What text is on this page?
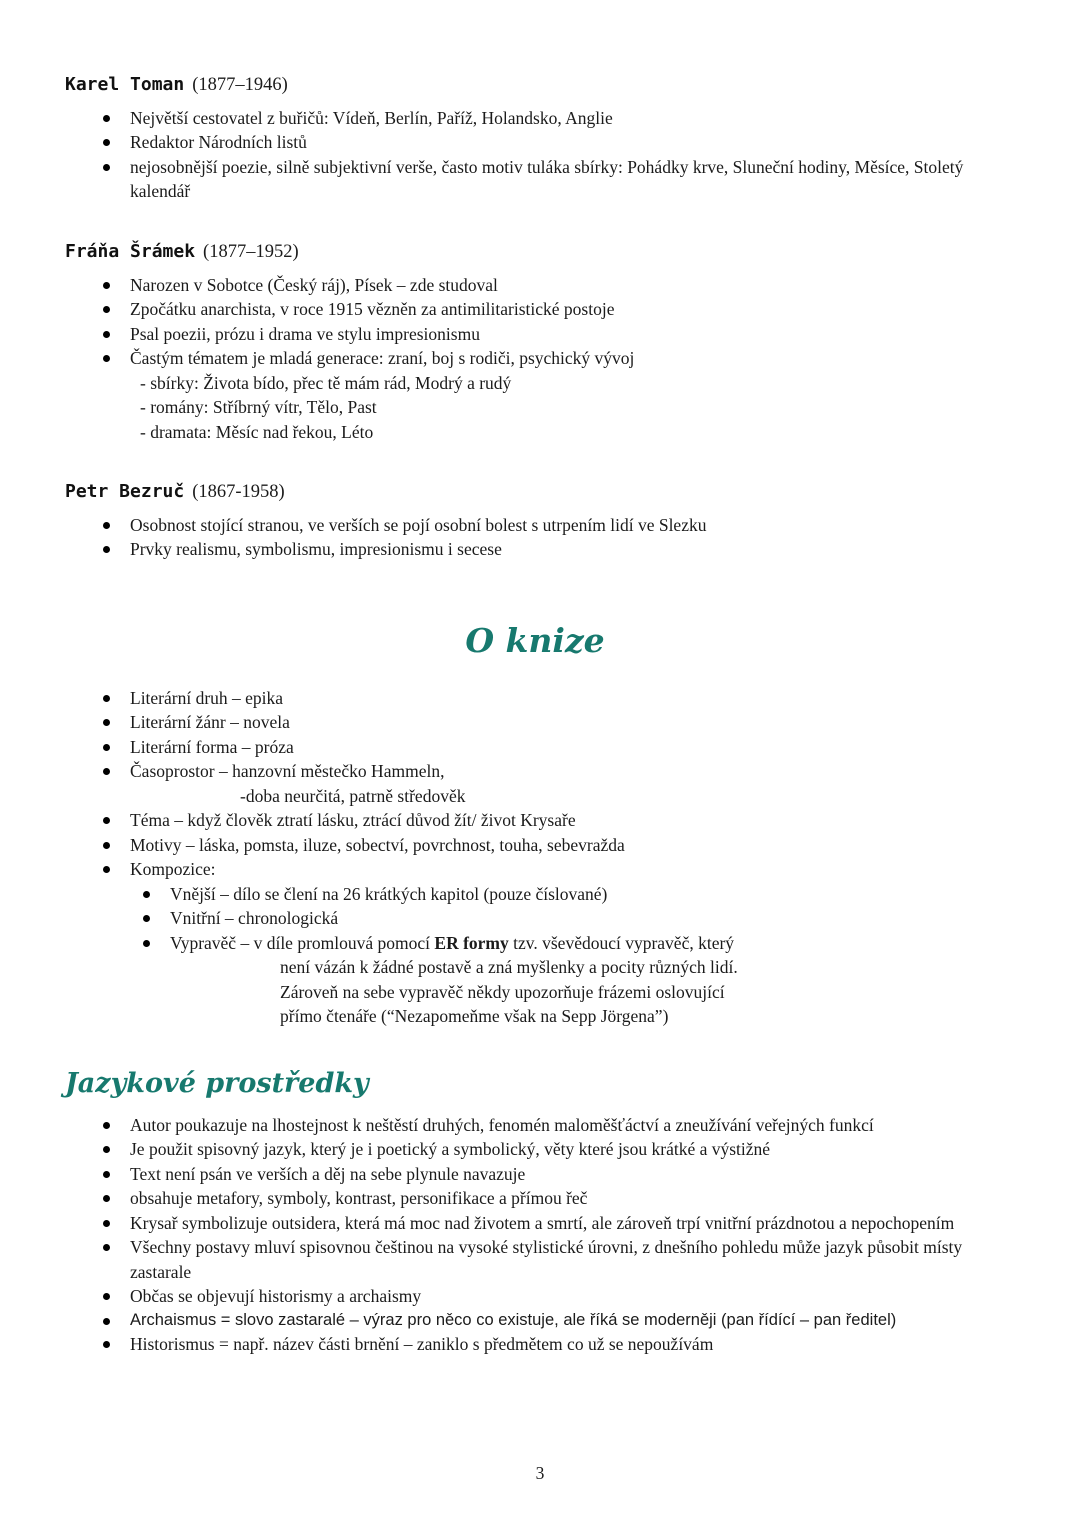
Karel Toman (1877–1946)
Největší cestovatel z buřičů: Vídeň, Berlín, Paříž, Holandsko, Anglie
Redaktor Národních listů
nejosobnější poezie, silně subjektivní verše, často motiv tuláka sbírky: Pohádky krve, Sluneční hodiny, Měsíce, Stoletý kalendář
Fráňa Šrámek (1877–1952)
Narozen v Sobotce (Český ráj), Písek – zde studoval
Zpočátku anarchista, v roce 1915 vězněn za antimilitaristické postoje
Psal poezii, prózu i drama ve stylu impresionismu
Častým tématem je mladá generace: zraní, boj s rodiči, psychický vývoj
- sbírky: Života bído, přec tě mám rád, Modrý a rudý
- romány: Stříbrný vítr, Tělo, Past
- dramata: Měsíc nad řekou, Léto
Petr Bezruč (1867-1958)
Osobnost stojící stranou, ve verších se pojí osobní bolest s utrpením lidí ve Slezku
Prvky realismu, symbolismu, impresionismu i secese
O knize
Literární druh – epika
Literární žánr – novela
Literární forma – próza
Časoprostor – hanzovní městečko Hammeln,
-doba neurčitá, patrně středověk
Téma – když člověk ztratí lásku, ztrácí důvod žít/ život Krysaře
Motivy – láska, pomsta, iluze, sobectví, povrchnost, touha, sebevražda
Kompozice:
Vnější – dílo se člení na 26 krátkých kapitol (pouze číslované)
Vnitřní – chronologická
Vypravěč – v díle promlouvá pomocí ER formy tzv. vševědoucí vypravěč, který
není vázán k žádné postavě a zná myšlenky a pocity různých lidí.
Zároveň na sebe vypravěč někdy upozorňuje frázemi oslovující
přímo čtenáře (“Nezapomeňme však na Sepp Jörgena”)
Jazykové prostředky
Autor poukazuje na lhostejnost k neštěstí druhých, fenomén maloměšťáctví a zneužívání veřejných funkcí
Je použit spisovný jazyk, který je i poetický a symbolický, věty které jsou krátké a výstižné
Text není psán ve verších a děj na sebe plynule navazuje
obsahuje metafory, symboly, kontrast, personifikace a přímou řeč
Krysař symbolizuje outsidera, která má moc nad životem a smrtí, ale zároveň trpí vnitřní prázdnotou a nepochopením
Všechny postavy mluví spisovnou češtinou na vysoké stylistické úrovni, z dnešního pohledu může jazyk působit místy zastarale
Občas se objevují historismy a archaismy
Archaismus = slovo zastaralé – výraz pro něco co existuje, ale říká se moderněji (pan řídící – pan ředitel)
Historismus = např. název části brnění – zaniklo s předmětem co už se nepoužívám
3
